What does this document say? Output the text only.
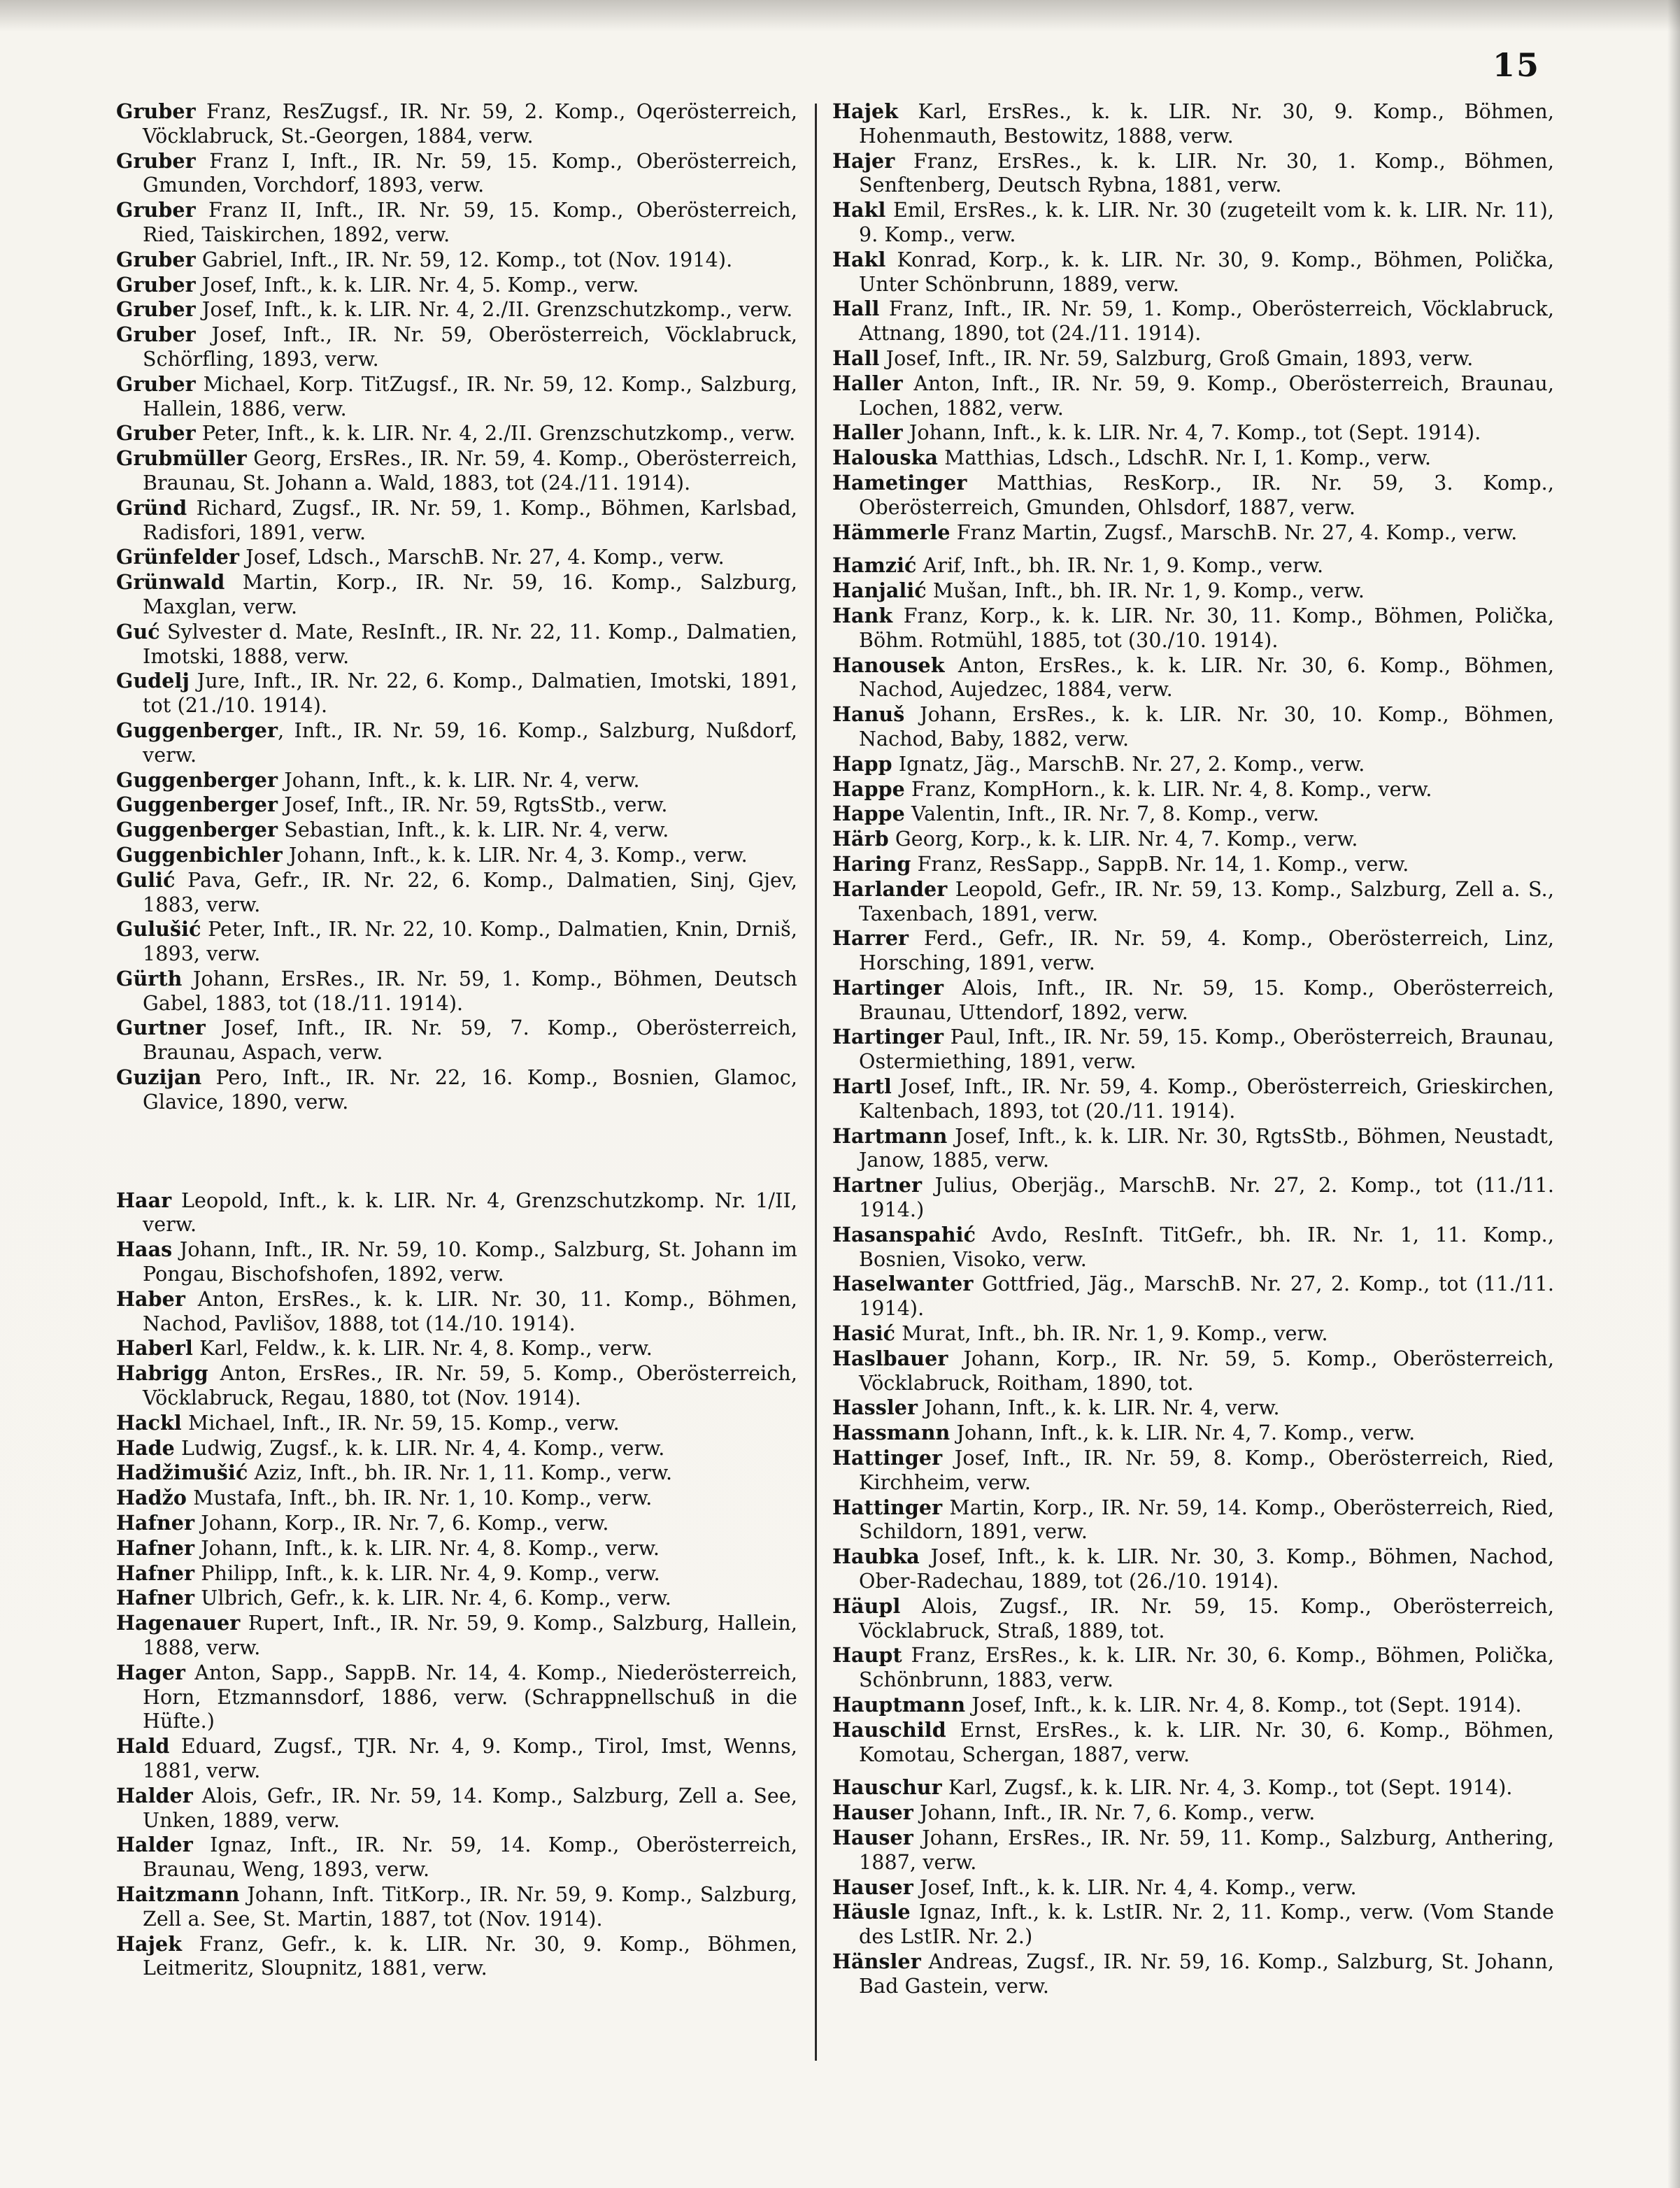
15

Gruber Franz, ResZugsf., IR. Nr. 59, 2. Komp., Oqerösterreich, Vöcklabruck, St.-Georgen, 1884, verw.

Gruber Franz I, Inft., IR. Nr. 59, 15. Komp., Oberösterreich, Gmunden, Vorchdorf, 1893, verw.

Gruber Franz II, Inft., IR. Nr. 59, 15. Komp., Oberösterreich, Ried, Taiskirchen, 1892, verw.

Gruber Gabriel, Inft., IR. Nr. 59, 12. Komp., tot (Nov. 1914).

Gruber Josef, Inft., k. k. LIR. Nr. 4, 5. Komp., verw.

Gruber Josef, Inft., k. k. LIR. Nr. 4, 2./II. Grenzschutzkomp., verw.

Gruber Josef, Inft., IR. Nr. 59, Oberösterreich, Vöcklabruck, Schörfling, 1893, verw.

Gruber Michael, Korp. TitZugsf., IR. Nr. 59, 12. Komp., Salzburg, Hallein, 1886, verw.

Gruber Peter, Inft., k. k. LIR. Nr. 4, 2./II. Grenzschutzkomp., verw.

Grubmüller Georg, ErsRes., IR. Nr. 59, 4. Komp., Oberösterreich, Braunau, St. Johann a. Wald, 1883, tot (24./11. 1914).

Gründ Richard, Zugsf., IR. Nr. 59, 1. Komp., Böhmen, Karlsbad, Radisfori, 1891, verw.

Grünfelder Josef, Ldsch., MarschB. Nr. 27, 4. Komp., verw.

Grünwald Martin, Korp., IR. Nr. 59, 16. Komp., Salzburg, Maxglan, verw.

Guć Sylvester d. Mate, ResInft., IR. Nr. 22, 11. Komp., Dalmatien, Imotski, 1888, verw.

Gudelj Jure, Inft., IR. Nr. 22, 6. Komp., Dalmatien, Imotski, 1891, tot (21./10. 1914).

Guggenberger, Inft., IR. Nr. 59, 16. Komp., Salzburg, Nußdorf, verw.

Guggenberger Johann, Inft., k. k. LIR. Nr. 4, verw.

Guggenberger Josef, Inft., IR. Nr. 59, RgtsStb., verw.

Guggenberger Sebastian, Inft., k. k. LIR. Nr. 4, verw.

Guggenbichler Johann, Inft., k. k. LIR. Nr. 4, 3. Komp., verw.

Gulić Pava, Gefr., IR. Nr. 22, 6. Komp., Dalmatien, Sinj, Gjev, 1883, verw.

Gulušić Peter, Inft., IR. Nr. 22, 10. Komp., Dalmatien, Knin, Drniš, 1893, verw.

Gürth Johann, ErsRes., IR. Nr. 59, 1. Komp., Böhmen, Deutsch Gabel, 1883, tot (18./11. 1914).

Gurtner Josef, Inft., IR. Nr. 59, 7. Komp., Oberösterreich, Braunau, Aspach, verw.

Guzijan Pero, Inft., IR. Nr. 22, 16. Komp., Bosnien, Glamoc, Glavice, 1890, verw.

Haar Leopold, Inft., k. k. LIR. Nr. 4, Grenzschutzkomp. Nr. 1/II, verw.

Haas Johann, Inft., IR. Nr. 59, 10. Komp., Salzburg, St. Johann im Pongau, Bischofshofen, 1892, verw.

Haber Anton, ErsRes., k. k. LIR. Nr. 30, 11. Komp., Böhmen, Nachod, Pavlišov, 1888, tot (14./10. 1914).

Haberl Karl, Feldw., k. k. LIR. Nr. 4, 8. Komp., verw.

Habrigg Anton, ErsRes., IR. Nr. 59, 5. Komp., Oberösterreich, Vöcklabruck, Regau, 1880, tot (Nov. 1914).

Hackl Michael, Inft., IR. Nr. 59, 15. Komp., verw.

Hade Ludwig, Zugsf., k. k. LIR. Nr. 4, 4. Komp., verw.

Hadžimušić Aziz, Inft., bh. IR. Nr. 1, 11. Komp., verw.

Hadžo Mustafa, Inft., bh. IR. Nr. 1, 10. Komp., verw.

Hafner Johann, Korp., IR. Nr. 7, 6. Komp., verw.

Hafner Johann, Inft., k. k. LIR. Nr. 4, 8. Komp., verw.

Hafner Philipp, Inft., k. k. LIR. Nr. 4, 9. Komp., verw.

Hafner Ulbrich, Gefr., k. k. LIR. Nr. 4, 6. Komp., verw.

Hagenauer Rupert, Inft., IR. Nr. 59, 9. Komp., Salzburg, Hallein, 1888, verw.

Hager Anton, Sapp., SappB. Nr. 14, 4. Komp., Niederösterreich, Horn, Etzmannsdorf, 1886, verw. (Schrappnellschuß in die Hüfte.)

Hald Eduard, Zugsf., TJR. Nr. 4, 9. Komp., Tirol, Imst, Wenns, 1881, verw.

Halder Alois, Gefr., IR. Nr. 59, 14. Komp., Salzburg, Zell a. See, Unken, 1889, verw.

Halder Ignaz, Inft., IR. Nr. 59, 14. Komp., Oberösterreich, Braunau, Weng, 1893, verw.

Haitzmann Johann, Inft. TitKorp., IR. Nr. 59, 9. Komp., Salzburg, Zell a. See, St. Martin, 1887, tot (Nov. 1914).

Hajek Franz, Gefr., k. k. LIR. Nr. 30, 9. Komp., Böhmen, Leitmeritz, Sloupnitz, 1881, verw.

Hajek Karl, ErsRes., k. k. LIR. Nr. 30, 9. Komp., Böhmen, Hohenmauth, Bestowitz, 1888, verw.

Hajer Franz, ErsRes., k. k. LIR. Nr. 30, 1. Komp., Böhmen, Senftenberg, Deutsch Rybna, 1881, verw.

Hakl Emil, ErsRes., k. k. LIR. Nr. 30 (zugeteilt vom k. k. LIR. Nr. 11), 9. Komp., verw.

Hakl Konrad, Korp., k. k. LIR. Nr. 30, 9. Komp., Böhmen, Polička, Unter Schönbrunn, 1889, verw.

Hall Franz, Inft., IR. Nr. 59, 1. Komp., Oberösterreich, Vöcklabruck, Attnang, 1890, tot (24./11. 1914).

Hall Josef, Inft., IR. Nr. 59, Salzburg, Groß Gmain, 1893, verw.

Haller Anton, Inft., IR. Nr. 59, 9. Komp., Oberösterreich, Braunau, Lochen, 1882, verw.

Haller Johann, Inft., k. k. LIR. Nr. 4, 7. Komp., tot (Sept. 1914).

Halouska Matthias, Ldsch., LdschR. Nr. I, 1. Komp., verw.

Hametinger Matthias, ResKorp., IR. Nr. 59, 3. Komp., Oberösterreich, Gmunden, Ohlsdorf, 1887, verw.

Hämmerle Franz Martin, Zugsf., MarschB. Nr. 27, 4. Komp., verw.

Hamzić Arif, Inft., bh. IR. Nr. 1, 9. Komp., verw.

Hanjalić Mušan, Inft., bh. IR. Nr. 1, 9. Komp., verw.

Hank Franz, Korp., k. k. LIR. Nr. 30, 11. Komp., Böhmen, Polička, Böhm. Rotmühl, 1885, tot (30./10. 1914).

Hanousek Anton, ErsRes., k. k. LIR. Nr. 30, 6. Komp., Böhmen, Nachod, Aujedzec, 1884, verw.

Hanuš Johann, ErsRes., k. k. LIR. Nr. 30, 10. Komp., Böhmen, Nachod, Baby, 1882, verw.

Happ Ignatz, Jäg., MarschB. Nr. 27, 2. Komp., verw.

Happe Franz, KompHorn., k. k. LIR. Nr. 4, 8. Komp., verw.

Happe Valentin, Inft., IR. Nr. 7, 8. Komp., verw.

Härb Georg, Korp., k. k. LIR. Nr. 4, 7. Komp., verw.

Haring Franz, ResSapp., SappB. Nr. 14, 1. Komp., verw.

Harlander Leopold, Gefr., IR. Nr. 59, 13. Komp., Salzburg, Zell a. S., Taxenbach, 1891, verw.

Harrer Ferd., Gefr., IR. Nr. 59, 4. Komp., Oberösterreich, Linz, Horsching, 1891, verw.

Hartinger Alois, Inft., IR. Nr. 59, 15. Komp., Oberösterreich, Braunau, Uttendorf, 1892, verw.

Hartinger Paul, Inft., IR. Nr. 59, 15. Komp., Oberösterreich, Braunau, Ostermiething, 1891, verw.

Hartl Josef, Inft., IR. Nr. 59, 4. Komp., Oberösterreich, Grieskirchen, Kaltenbach, 1893, tot (20./11. 1914).

Hartmann Josef, Inft., k. k. LIR. Nr. 30, RgtsStb., Böhmen, Neustadt, Janow, 1885, verw.

Hartner Julius, Oberjäg., MarschB. Nr. 27, 2. Komp., tot (11./11. 1914.)

Hasanspahić Avdo, ResInft. TitGefr., bh. IR. Nr. 1, 11. Komp., Bosnien, Visoko, verw.

Haselwanter Gottfried, Jäg., MarschB. Nr. 27, 2. Komp., tot (11./11. 1914).

Hasić Murat, Inft., bh. IR. Nr. 1, 9. Komp., verw.

Haslbauer Johann, Korp., IR. Nr. 59, 5. Komp., Oberösterreich, Vöcklabruck, Roitham, 1890, tot.

Hassler Johann, Inft., k. k. LIR. Nr. 4, verw.

Hassmann Johann, Inft., k. k. LIR. Nr. 4, 7. Komp., verw.

Hattinger Josef, Inft., IR. Nr. 59, 8. Komp., Oberösterreich, Ried, Kirchheim, verw.

Hattinger Martin, Korp., IR. Nr. 59, 14. Komp., Oberösterreich, Ried, Schildorn, 1891, verw.

Haubka Josef, Inft., k. k. LIR. Nr. 30, 3. Komp., Böhmen, Nachod, Ober-Radechau, 1889, tot (26./10. 1914).

Häupl Alois, Zugsf., IR. Nr. 59, 15. Komp., Oberösterreich, Vöcklabruck, Straß, 1889, tot.

Haupt Franz, ErsRes., k. k. LIR. Nr. 30, 6. Komp., Böhmen, Polička, Schönbrunn, 1883, verw.

Hauptmann Josef, Inft., k. k. LIR. Nr. 4, 8. Komp., tot (Sept. 1914).

Hauschild Ernst, ErsRes., k. k. LIR. Nr. 30, 6. Komp., Böhmen, Komotau, Schergan, 1887, verw.

Hauschur Karl, Zugsf., k. k. LIR. Nr. 4, 3. Komp., tot (Sept. 1914).

Hauser Johann, Inft., IR. Nr. 7, 6. Komp., verw.

Hauser Johann, ErsRes., IR. Nr. 59, 11. Komp., Salzburg, Anthering, 1887, verw.

Hauser Josef, Inft., k. k. LIR. Nr. 4, 4. Komp., verw.

Häusle Ignaz, Inft., k. k. LstIR. Nr. 2, 11. Komp., verw. (Vom Stande des LstIR. Nr. 2.)

Hänsler Andreas, Zugsf., IR. Nr. 59, 16. Komp., Salzburg, St. Johann, Bad Gastein, verw.
